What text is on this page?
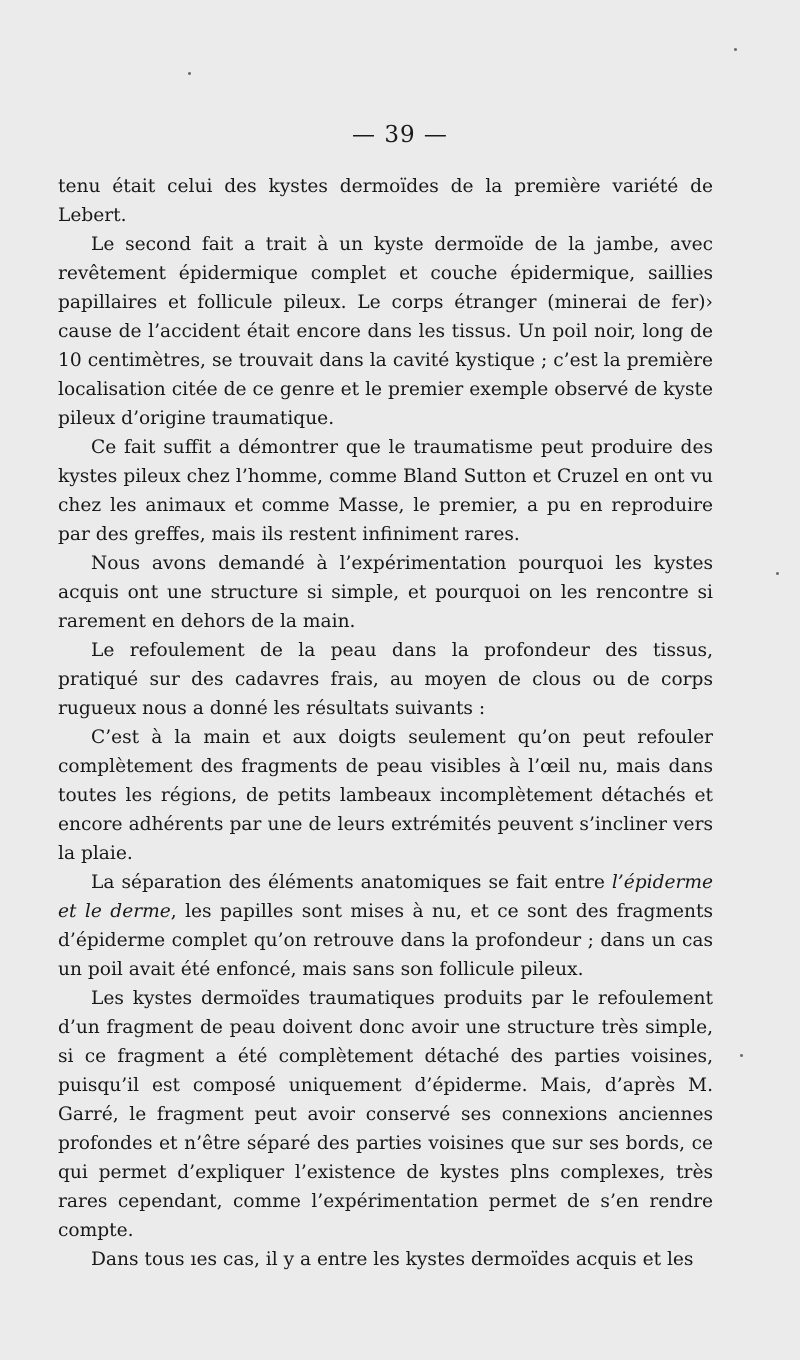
— 39 —

tenu était celui des kystes dermoïdes de la première variété de Lebert.

Le second fait a trait à un kyste dermoïde de la jambe, avec revêtement épidermique complet et couche épidermique, saillies papillaires et follicule pileux. Le corps étranger (minerai de fer)› cause de l’accident était encore dans les tissus. Un poil noir, long de 10 centimètres, se trouvait dans la cavité kystique ; c’est la première localisation citée de ce genre et le premier exemple observé de kyste pileux d’origine traumatique.

Ce fait suffit a démontrer que le traumatisme peut produire des kystes pileux chez l’homme, comme Bland Sutton et Cruzel en ont vu chez les animaux et comme Masse, le premier, a pu en reproduire par des greffes, mais ils restent infiniment rares.

Nous avons demandé à l’expérimentation pourquoi les kystes acquis ont une structure si simple, et pourquoi on les rencontre si rarement en dehors de la main.

Le refoulement de la peau dans la profondeur des tissus, pratiqué sur des cadavres frais, au moyen de clous ou de corps rugueux nous a donné les résultats suivants :

C’est à la main et aux doigts seulement qu’on peut refouler complètement des fragments de peau visibles à l’œil nu, mais dans toutes les régions, de petits lambeaux incomplètement détachés et encore adhérents par une de leurs extrémités peuvent s’incliner vers la plaie.

La séparation des éléments anatomiques se fait entre l’épiderme et le derme, les papilles sont mises à nu, et ce sont des fragments d’épiderme complet qu’on retrouve dans la profondeur ; dans un cas un poil avait été enfoncé, mais sans son follicule pileux.

Les kystes dermoïdes traumatiques produits par le refoulement d’un fragment de peau doivent donc avoir une structure très simple, si ce fragment a été complètement détaché des parties voisines, puisqu’il est composé uniquement d’épiderme. Mais, d’après M. Garré, le fragment peut avoir conservé ses connexions anciennes profondes et n’être séparé des parties voisines que sur ses bords, ce qui permet d’expliquer l’existence de kystes plns complexes, très rares cependant, comme l’expérimentation permet de s’en rendre compte.

Dans tous ıes cas, il y a entre les kystes dermoïdes acquis et les
